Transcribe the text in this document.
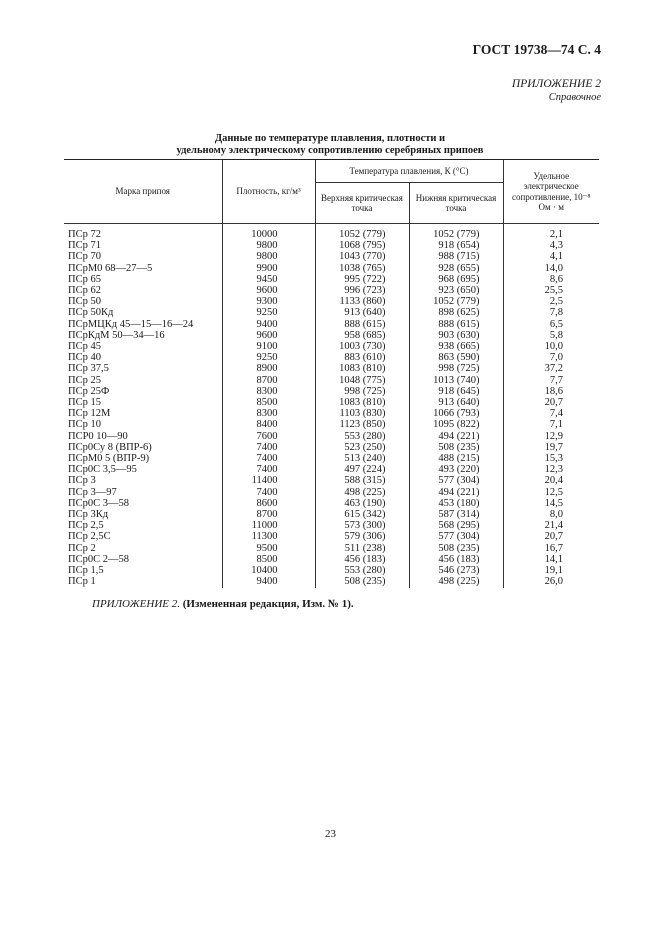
ГОСТ 19738—74 С. 4
ПРИЛОЖЕНИЕ 2
Справочное
Данные по температуре плавления, плотности и
удельному электрическому сопротивлению серебряных припоев
Марка припоя	Плотность, кг/м³	Температура плавления, К (°С)		Удельное электрическое сопротивление, 10⁻⁸ Ом · м
		Верхняя критическая точка	Нижняя критическая точка	
ПСр 72	10000	1052 (779)	1052 (779)	2,1
ПСр 71	9800	1068 (795)	918 (654)	4,3
ПСр 70	9800	1043 (770)	988 (715)	4,1
ПСрМ0 68—27—5	9900	1038 (765)	928 (655)	14,0
ПСр 65	9450	995 (722)	968 (695)	8,6
ПСр 62	9600	996 (723)	923 (650)	25,5
ПСр 50	9300	1133 (860)	1052 (779)	2,5
ПСр 50Кд	9250	913 (640)	898 (625)	7,8
ПСрМЦКд 45—15—16—24	9400	888 (615)	888 (615)	6,5
ПСрКдМ 50—34—16	9600	958 (685)	903 (630)	5,8
ПСр 45	9100	1003 (730)	938 (665)	10,0
ПСр 40	9250	883 (610)	863 (590)	7,0
ПСр 37,5	8900	1083 (810)	998 (725)	37,2
ПСр 25	8700	1048 (775)	1013 (740)	7,7
ПСр 25Ф	8300	998 (725)	918 (645)	18,6
ПСр 15	8500	1083 (810)	913 (640)	20,7
ПСр 12М	8300	1103 (830)	1066 (793)	7,4
ПСр 10	8400	1123 (850)	1095 (822)	7,1
ПСР0 10—90	7600	553 (280)	494 (221)	12,9
ПСр0Су 8 (ВПР-6)	7400	523 (250)	508 (235)	19,7
ПСрМ0 5 (ВПР-9)	7400	513 (240)	488 (215)	15,3
ПСр0С 3,5—95	7400	497 (224)	493 (220)	12,3
ПСр 3	11400	588 (315)	577 (304)	20,4
ПСр 3—97	7400	498 (225)	494 (221)	12,5
ПСр0С 3—58	8600	463 (190)	453 (180)	14,5
ПСр 3Кд	8700	615 (342)	587 (314)	8,0
ПСр 2,5	11000	573 (300)	568 (295)	21,4
ПСр 2,5С	11300	579 (306)	577 (304)	20,7
ПСр 2	9500	511 (238)	508 (235)	16,7
ПСр0С 2—58	8500	456 (183)	456 (183)	14,1
ПСр 1,5	10400	553 (280)	546 (273)	19,1
ПСр 1	9400	508 (235)	498 (225)	26,0
ПРИЛОЖЕНИЕ 2. (Измененная редакция, Изм. № 1).
23
